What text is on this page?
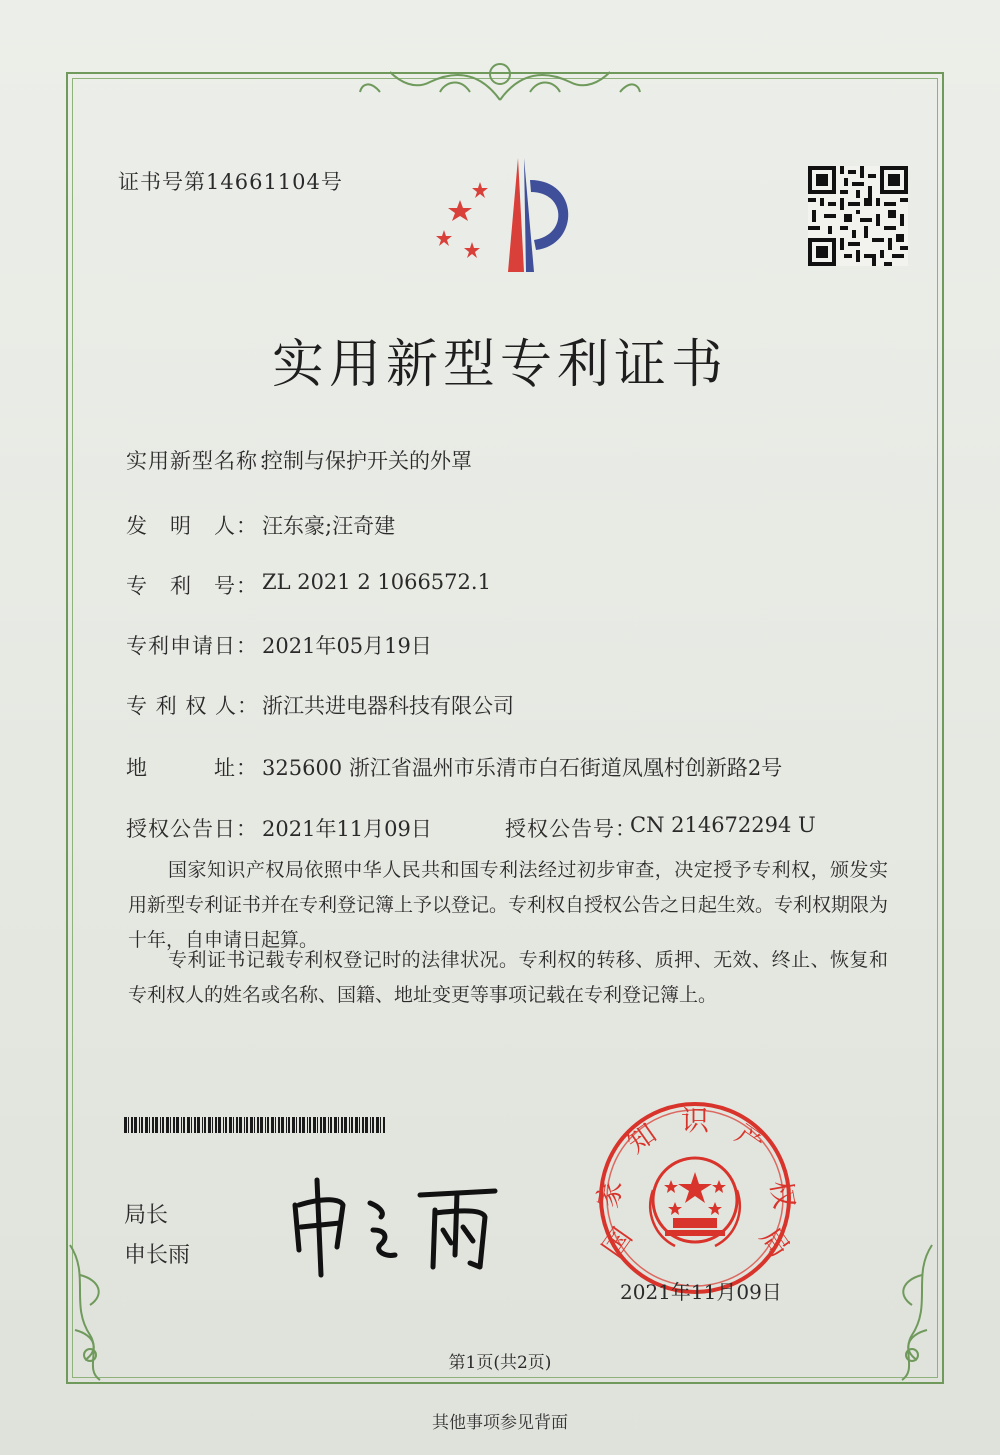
证书号第14661104号
实用新型专利证书
实用新型名称：
控制与保护开关的外罩
发　明　人： 汪东豪;汪奇建
专　利　号： ZL 2021 2 1066572.1
专利申请日： 2021年05月19日
专 利 权 人： 浙江共进电器科技有限公司
地　　　址： 325600 浙江省温州市乐清市白石街道凤凰村创新路2号
授权公告日： 2021年11月09日	授权公告号：
CN 214672294 U
国家知识产权局依照中华人民共和国专利法经过初步审查，决定授予专利权，颁发实用新型专利证书并在专利登记簿上予以登记。专利权自授权公告之日起生效。专利权期限为十年，自申请日起算。
专利证书记载专利权登记时的法律状况。专利权的转移、质押、无效、终止、恢复和专利权人的姓名或名称、国籍、地址变更等事项记载在专利登记簿上。
局长
申长雨	国
家
知 识 产
权
局
2021年11月09日
第1页(共2页)
其他事项参见背面
